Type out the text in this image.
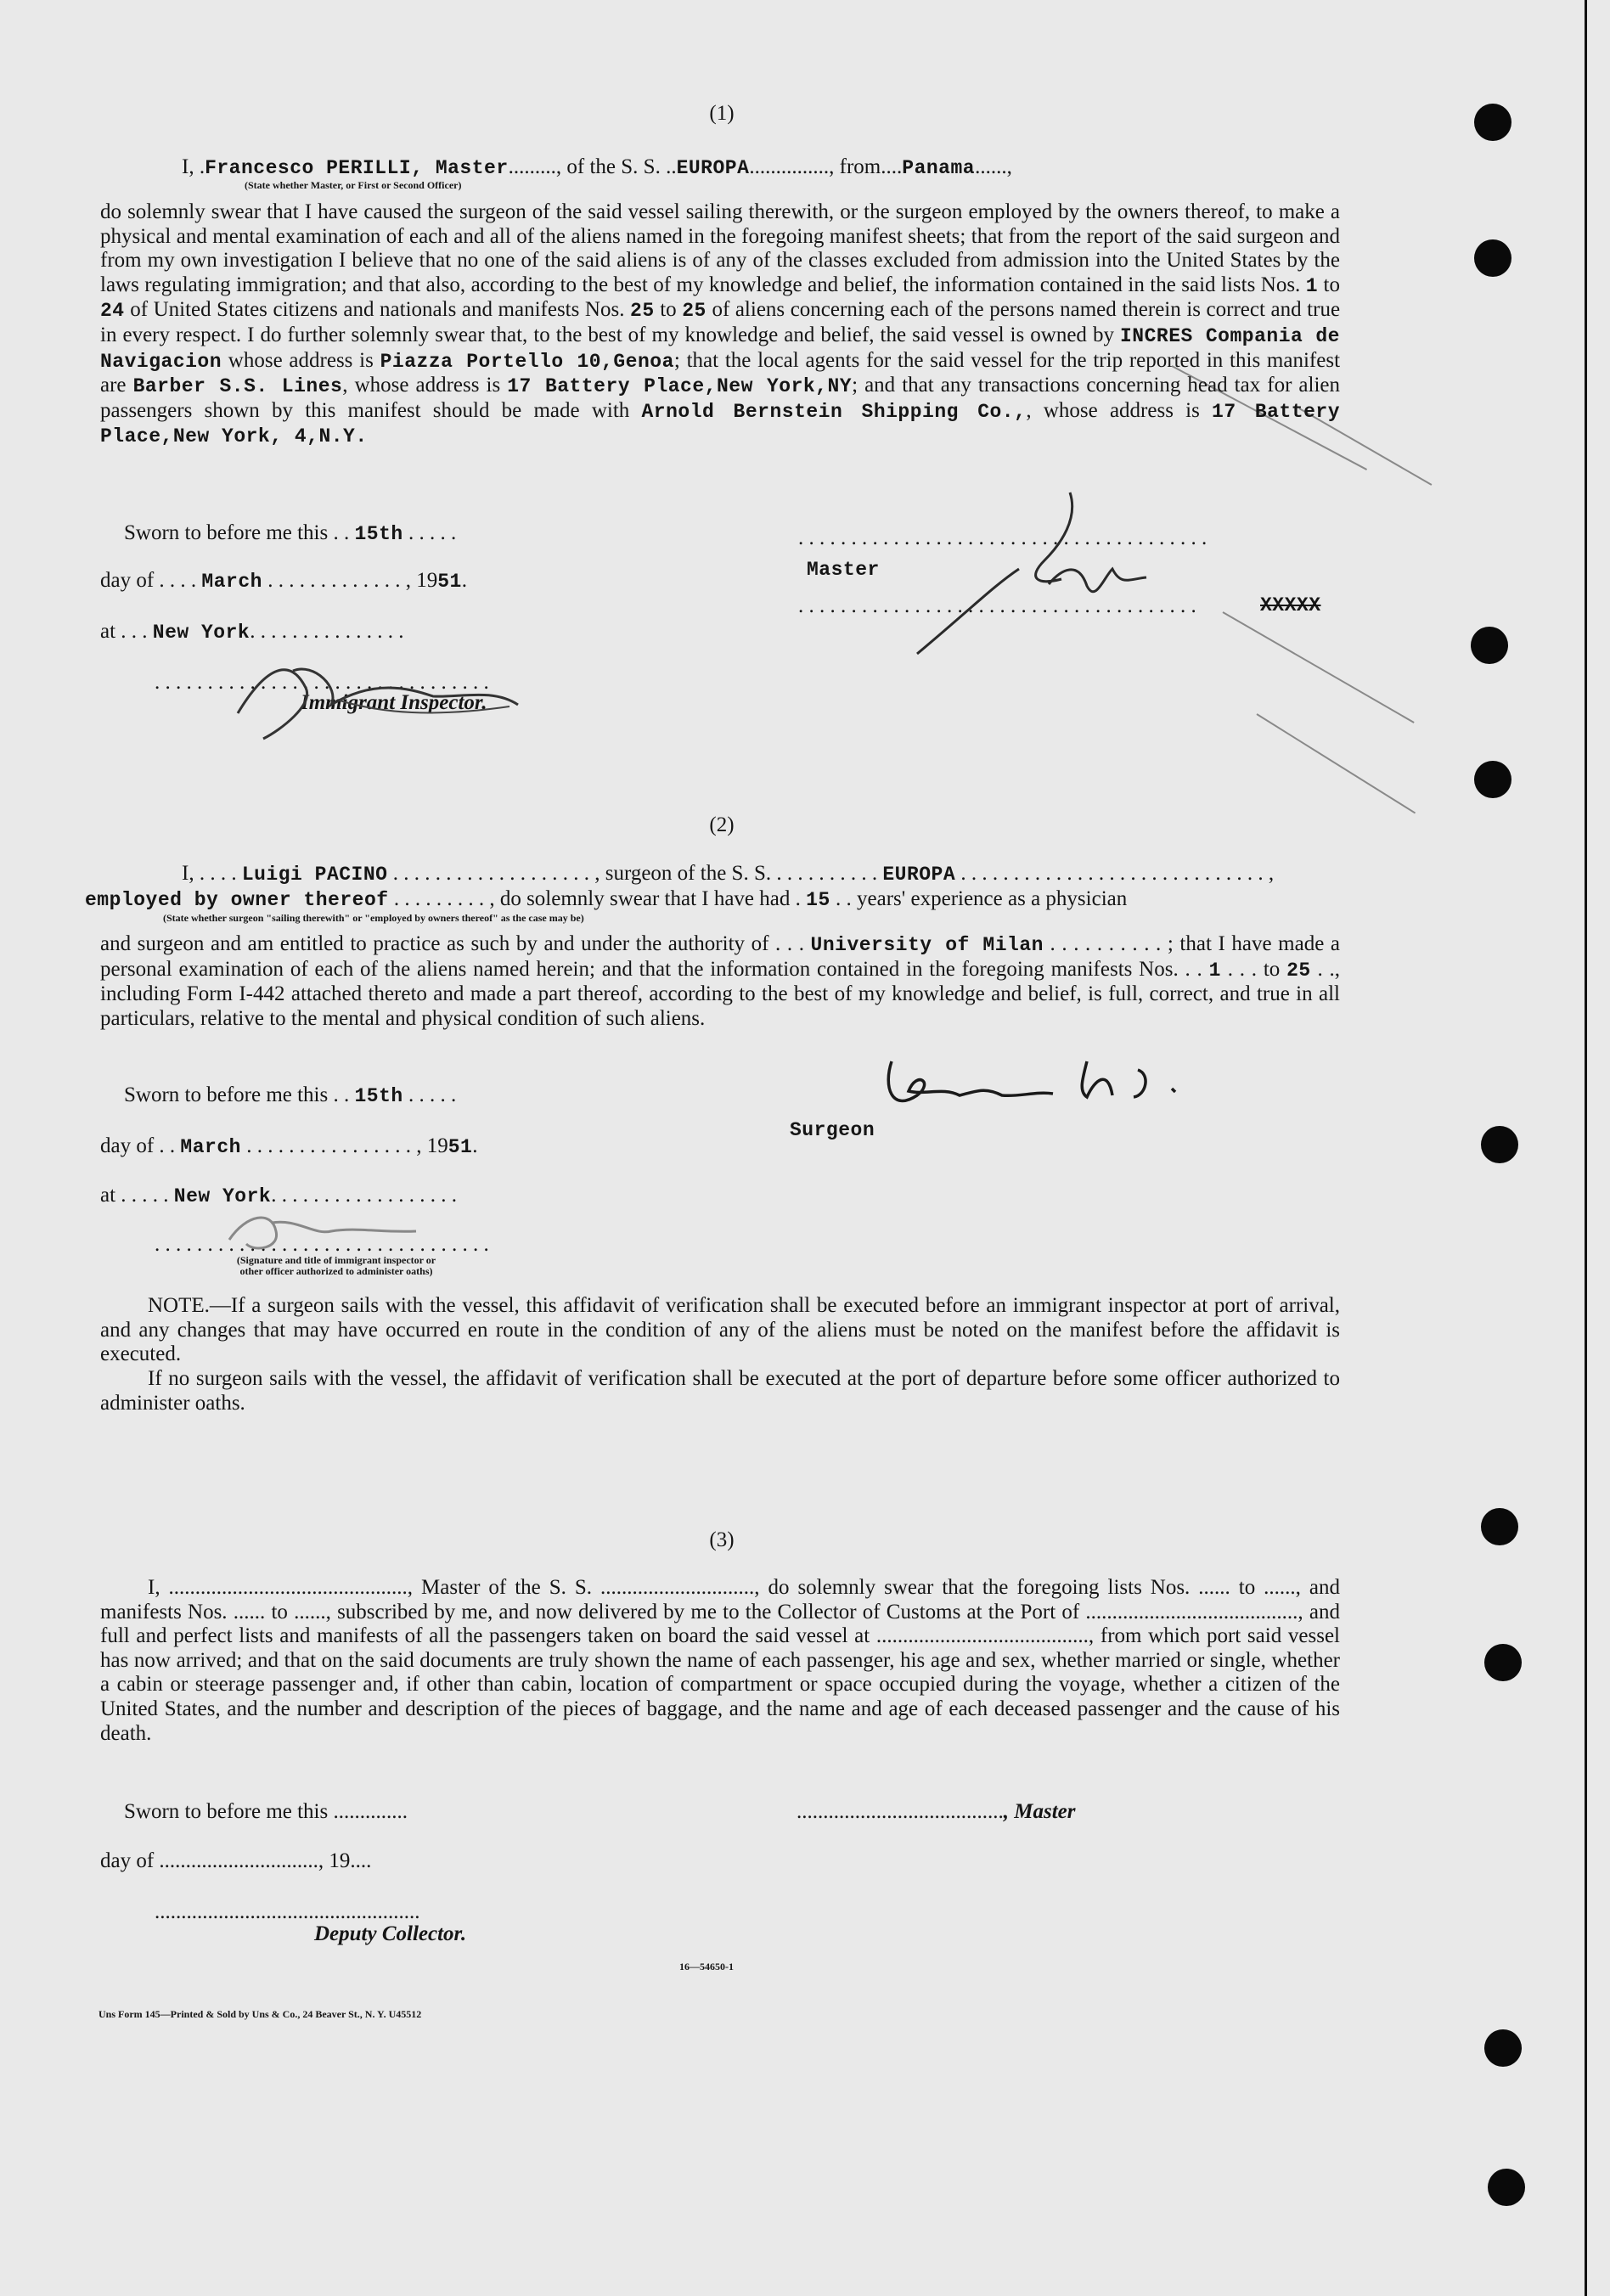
(1)
I, .Francesco PERILLI, Master........., of the S. S. ..EUROPA..............., from....Panama......,
(State whether Master, or First or Second Officer)
do solemnly swear that I have caused the surgeon of the said vessel sailing therewith, or the surgeon employed by the owners thereof, to make a physical and mental examination of each and all of the aliens named in the foregoing manifest sheets; that from the report of the said surgeon and from my own investigation I believe that no one of the said aliens is of any of the classes excluded from admission into the United States by the laws regulating immigration; and that also, according to the best of my knowledge and belief, the information contained in the said lists Nos. 1 to 24 of United States citizens and nationals and manifests Nos. 25 to 25 of aliens concerning each of the persons named therein is correct and true in every respect. I do further solemnly swear that, to the best of my knowledge and belief, the said vessel is owned by INCRES Compania de Navigacion whose address is Piazza Portello 10,Genoa; that the local agents for the said vessel for the trip reported in this manifest are Barber S.S. Lines, whose address is 17 Battery Place,New York,NY; and that any transactions concerning head tax for alien passengers shown by this manifest should be made with Arnold Bernstein Shipping Co.,, whose address is 17 Battery Place,New York, 4,N.Y.
Sworn to before me this . . 15th . . . . .
day of . . . . March . . . . . . . . . . . . . , 1951.
at . . . New York. . . . . . . . . . . . . . .
. . . . . . . . . . . . . . . . . . . . . . . . . . . . . . . .
Immigrant Inspector.
. . . . . . . . . . . . . . . . . . . . . . . . . . . . . . . . . . . . . . .
Master
. . . . . . . . . . . . . . . . . . . . . . . . . . . . . . . . . . . . . .	XXXXX
(2)
I, . . . . Luigi PACINO . . . . . . . . . . . . . . . . . . . , surgeon of the S. S. . . . . . . . . . . EUROPA . . . . . . . . . . . . . . . . . . . . . . . . . . . . . ,
employed by owner thereof . . . . . . . . . , do solemnly swear that I have had . 15 . . years' experience as a physician
(State whether surgeon "sailing therewith" or "employed by owners thereof" as the case may be)
and surgeon and am entitled to practice as such by and under the authority of . . . University of Milan . . . . . . . . . . ; that I have made a personal examination of each of the aliens named herein; and that the information contained in the foregoing manifests Nos. . . 1 . . . to 25 . ., including Form I-442 attached thereto and made a part thereof, according to the best of my knowledge and belief, is full, correct, and true in all particulars, relative to the mental and physical condition of such aliens.
Sworn to before me this . . 15th . . . . .
day of . . March . . . . . . . . . . . . . . . . , 1951.
at . . . . . New York. . . . . . . . . . . . . . . . . .
. . . . . . . . . . . . . . . . . . . . . . . . . . . . . . . .
(Signature and title of immigrant inspector or
other officer authorized to administer oaths)
Surgeon
NOTE.—If a surgeon sails with the vessel, this affidavit of verification shall be executed before an immigrant inspector at port of arrival, and any changes that may have occurred en route in the condition of any of the aliens must be noted on the manifest before the affidavit is executed.
If no surgeon sails with the vessel, the affidavit of verification shall be executed at the port of departure before some officer authorized to administer oaths.
(3)
I, ............................................., Master of the S. S. ............................., do solemnly swear that the foregoing lists Nos. ...... to ......, and manifests Nos. ...... to ......, subscribed by me, and now delivered by me to the Collector of Customs at the Port of ........................................, and full and perfect lists and manifests of all the passengers taken on board the said vessel at ........................................, from which port said vessel has now arrived; and that on the said documents are truly shown the name of each passenger, his age and sex, whether married or single, whether a cabin or steerage passenger and, if other than cabin, location of compartment or space occupied during the voyage, whether a citizen of the United States, and the number and description of the pieces of baggage, and the name and age of each deceased passenger and the cause of his death.
Sworn to before me this ..............	......................................., Master
day of .............................., 19....
..................................................
Deputy Collector.
16—54650-1
Uns Form 145—Printed & Sold by Uns & Co., 24 Beaver St., N. Y. U45512
